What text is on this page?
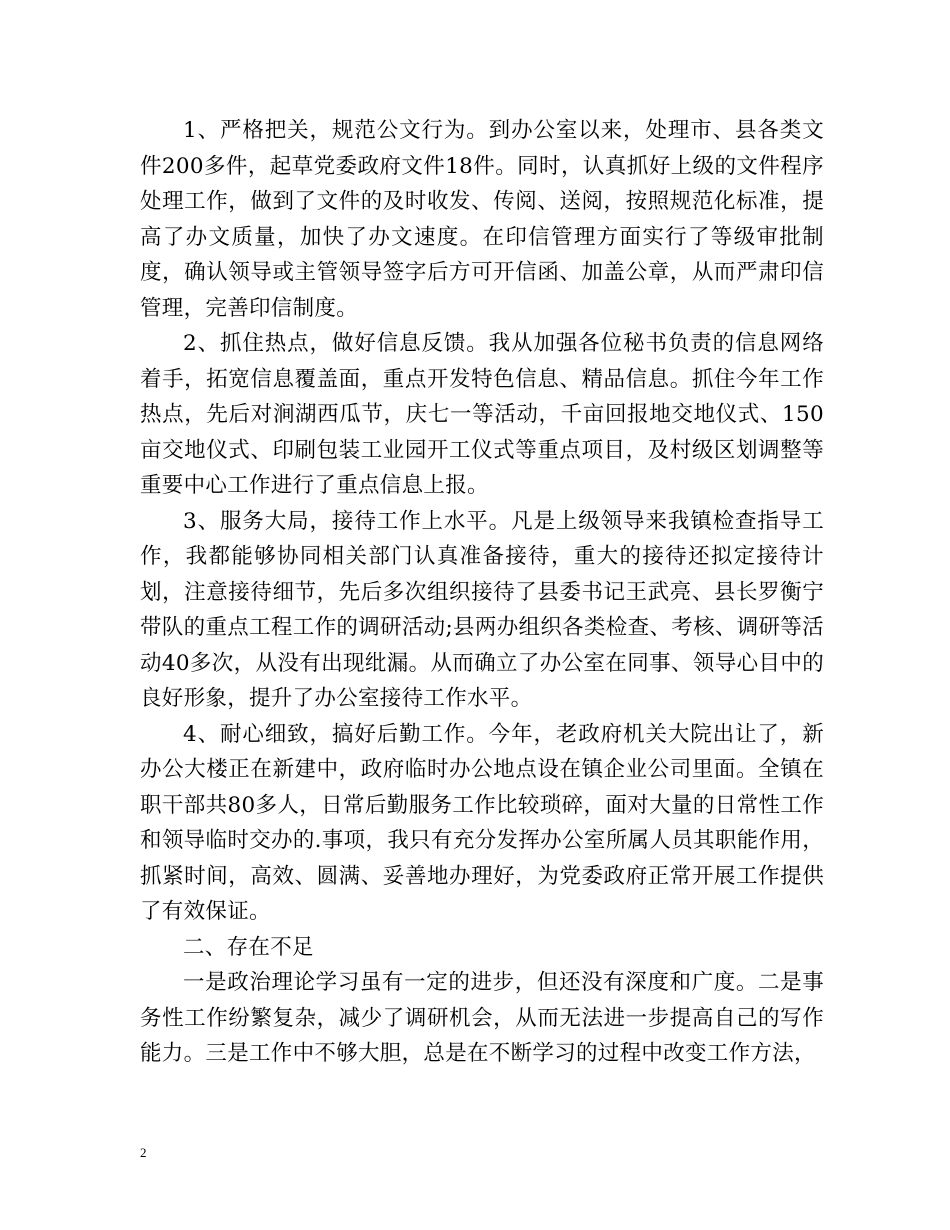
1、严格把关，规范公文行为。到办公室以来，处理市、县各类文件200多件，起草党委政府文件18件。同时，认真抓好上级的文件程序处理工作，做到了文件的及时收发、传阅、送阅，按照规范化标准，提高了办文质量，加快了办文速度。在印信管理方面实行了等级审批制度，确认领导或主管领导签字后方可开信函、加盖公章，从而严肃印信管理，完善印信制度。

2、抓住热点，做好信息反馈。我从加强各位秘书负责的信息网络着手，拓宽信息覆盖面，重点开发特色信息、精品信息。抓住今年工作热点，先后对涧湖西瓜节，庆七一等活动，千亩回报地交地仪式、150亩交地仪式、印刷包装工业园开工仪式等重点项目，及村级区划调整等重要中心工作进行了重点信息上报。

3、服务大局，接待工作上水平。凡是上级领导来我镇检查指导工作，我都能够协同相关部门认真准备接待，重大的接待还拟定接待计划，注意接待细节，先后多次组织接待了县委书记王武亮、县长罗衡宁带队的重点工程工作的调研活动;县两办组织各类检查、考核、调研等活动40多次，从没有出现纰漏。从而确立了办公室在同事、领导心目中的良好形象，提升了办公室接待工作水平。

4、耐心细致，搞好后勤工作。今年，老政府机关大院出让了，新办公大楼正在新建中，政府临时办公地点设在镇企业公司里面。全镇在职干部共80多人，日常后勤服务工作比较琐碎，面对大量的日常性工作和领导临时交办的.事项，我只有充分发挥办公室所属人员其职能作用，抓紧时间，高效、圆满、妥善地办理好，为党委政府正常开展工作提供了有效保证。

二、存在不足

一是政治理论学习虽有一定的进步，但还没有深度和广度。二是事务性工作纷繁复杂，减少了调研机会，从而无法进一步提高自己的写作能力。三是工作中不够大胆，总是在不断学习的过程中改变工作方法，

2
